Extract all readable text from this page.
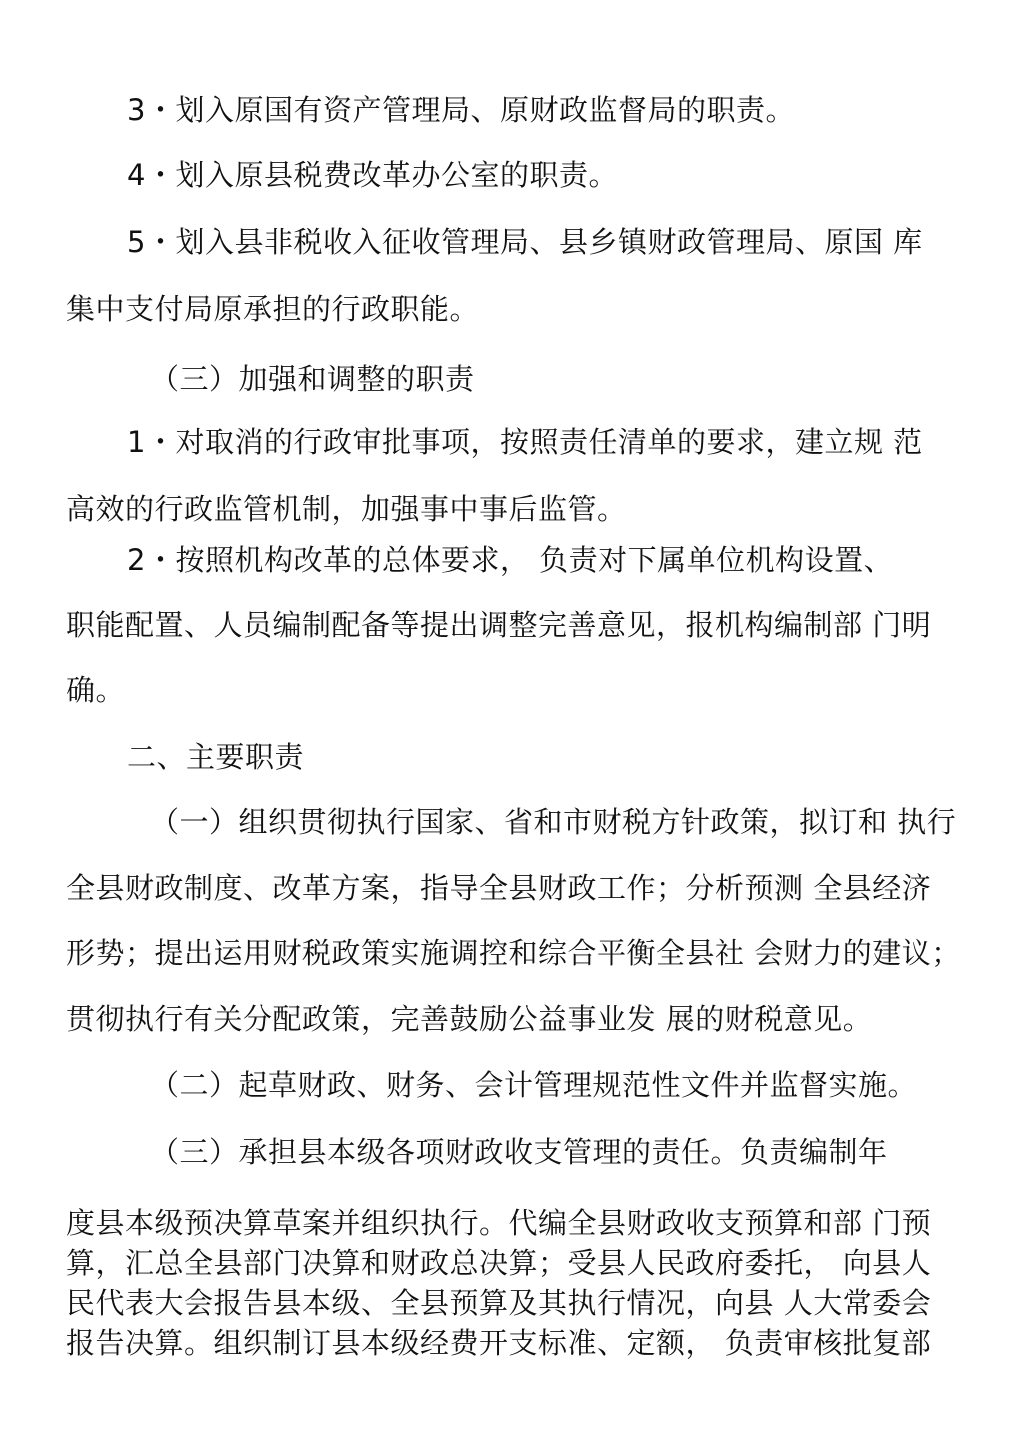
3・划入原国有资产管理局、原财政监督局的职责。
4・划入原县税费改革办公室的职责。
5・划入县非税收入征收管理局、县乡镇财政管理局、原国 库
集中支付局原承担的行政职能。
（三）加强和调整的职责
1・对取消的行政审批事项，按照责任清单的要求，建立规 范
高效的行政监管机制，加强事中事后监管。
2・按照机构改革的总体要求， 负责对下属单位机构设置、
职能配置、人员编制配备等提出调整完善意见，报机构编制部 门明
确。
二、主要职责
（一）组织贯彻执行国家、省和市财税方针政策，拟订和 执行
全县财政制度、改革方案，指导全县财政工作；分析预测 全县经济
形势；提出运用财税政策实施调控和综合平衡全县社 会财力的建议；
贯彻执行有关分配政策，完善鼓励公益事业发 展的财税意见。
（二）起草财政、财务、会计管理规范性文件并监督实施。
（三）承担县本级各项财政收支管理的责任。负责编制年
度县本级预决算草案并组织执行。代编全县财政收支预算和部 门预
算，汇总全县部门决算和财政总决算；受县人民政府委托， 向县人
民代表大会报告县本级、全县预算及其执行情况，向县 人大常委会
报告决算。组织制订县本级经费开支标准、定额， 负责审核批复部
